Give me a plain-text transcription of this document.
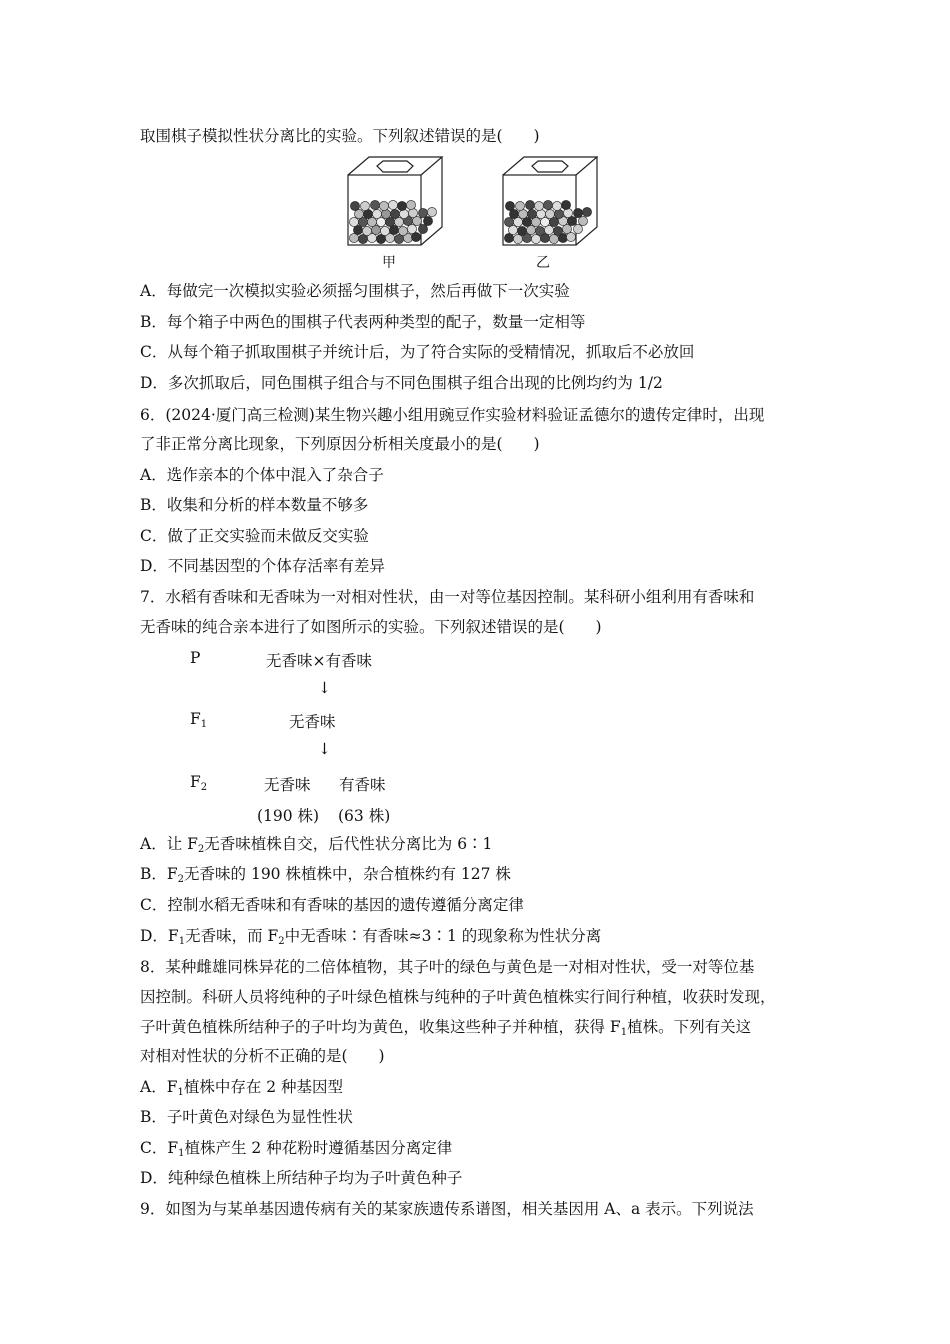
取围棋子模拟性状分离比的实验。下列叙述错误的是(　　)
甲	乙
A．每做完一次模拟实验必须摇匀围棋子，然后再做下一次实验
B．每个箱子中两色的围棋子代表两种类型的配子，数量一定相等
C．从每个箱子抓取围棋子并统计后，为了符合实际的受精情况，抓取后不必放回
D．多次抓取后，同色围棋子组合与不同色围棋子组合出现的比例均约为 1/2
6．(2024·厦门高三检测)某生物兴趣小组用豌豆作实验材料验证孟德尔的遗传定律时，出现
了非正常分离比现象，下列原因分析相关度最小的是(　　)
A．选作亲本的个体中混入了杂合子
B．收集和分析的样本数量不够多
C．做了正交实验而未做反交实验
D．不同基因型的个体存活率有差异
7．水稻有香味和无香味为一对相对性状，由一对等位基因控制。某科研小组利用有香味和
无香味的纯合亲本进行了如图所示的实验。下列叙述错误的是(　　)
P	无香味×有香味
↓
$F_1$	无香味
↓
$F_2$	无香味 有香味
(190 株) (63 株)
A．让 $F_2$无香味植株自交，后代性状分离比为 6∶1
B．$F_2$无香味的 190 株植株中，杂合植株约有 127 株
C．控制水稻无香味和有香味的基因的遗传遵循分离定律
D．$F_1$无香味，而 $F_2$中无香味∶有香味≈3∶1 的现象称为性状分离
8．某种雌雄同株异花的二倍体植物，其子叶的绿色与黄色是一对相对性状，受一对等位基
因控制。科研人员将纯种的子叶绿色植株与纯种的子叶黄色植株实行间行种植，收获时发现，
子叶黄色植株所结种子的子叶均为黄色，收集这些种子并种植，获得 $F_1$植株。下列有关这
对相对性状的分析不正确的是(　　)
A．$F_1$植株中存在 2 种基因型
B．子叶黄色对绿色为显性性状
C．$F_1$植株产生 2 种花粉时遵循基因分离定律
D．纯种绿色植株上所结种子均为子叶黄色种子
9．如图为与某单基因遗传病有关的某家族遗传系谱图，相关基因用 A、a 表示。下列说法
